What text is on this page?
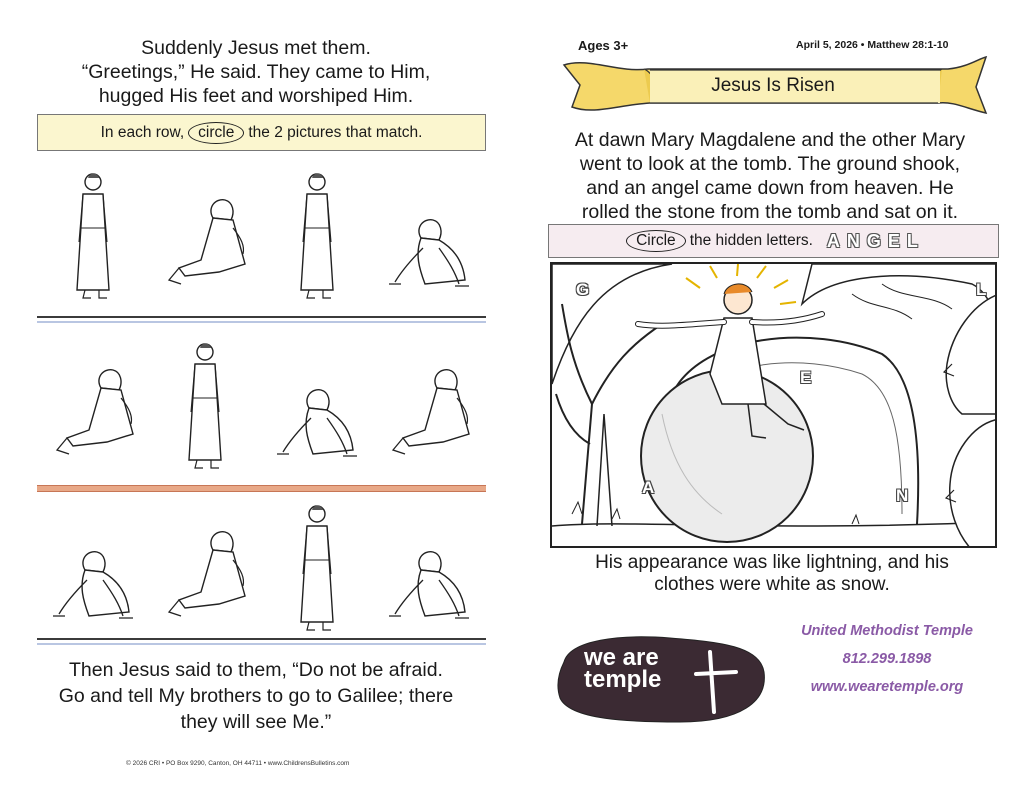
Suddenly Jesus met them.
“Greetings,” He said. They came to Him,
hugged His feet and worshiped Him.
In each row, circle the 2 pictures that match.
Then Jesus said to them, “Do not be afraid.
Go and tell My brothers to go to Galilee; there
they will see Me.”
© 2026 CRI • PO Box 9290, Canton, OH 44711 • www.ChildrensBulletins.com
Ages 3+	April 5, 2026 • Matthew 28:1-10
Jesus Is Risen
At dawn Mary Magdalene and the other Mary
went to look at the tomb. The ground shook,
and an angel came down from heaven. He
rolled the stone from the tomb and sat on it.
Circle the hidden letters. ANGEL
G	L
E
A	N
His appearance was like lightning, and his
clothes were white as snow.
we are
temple
United Methodist Temple
812.299.1898
www.wearetemple.org
